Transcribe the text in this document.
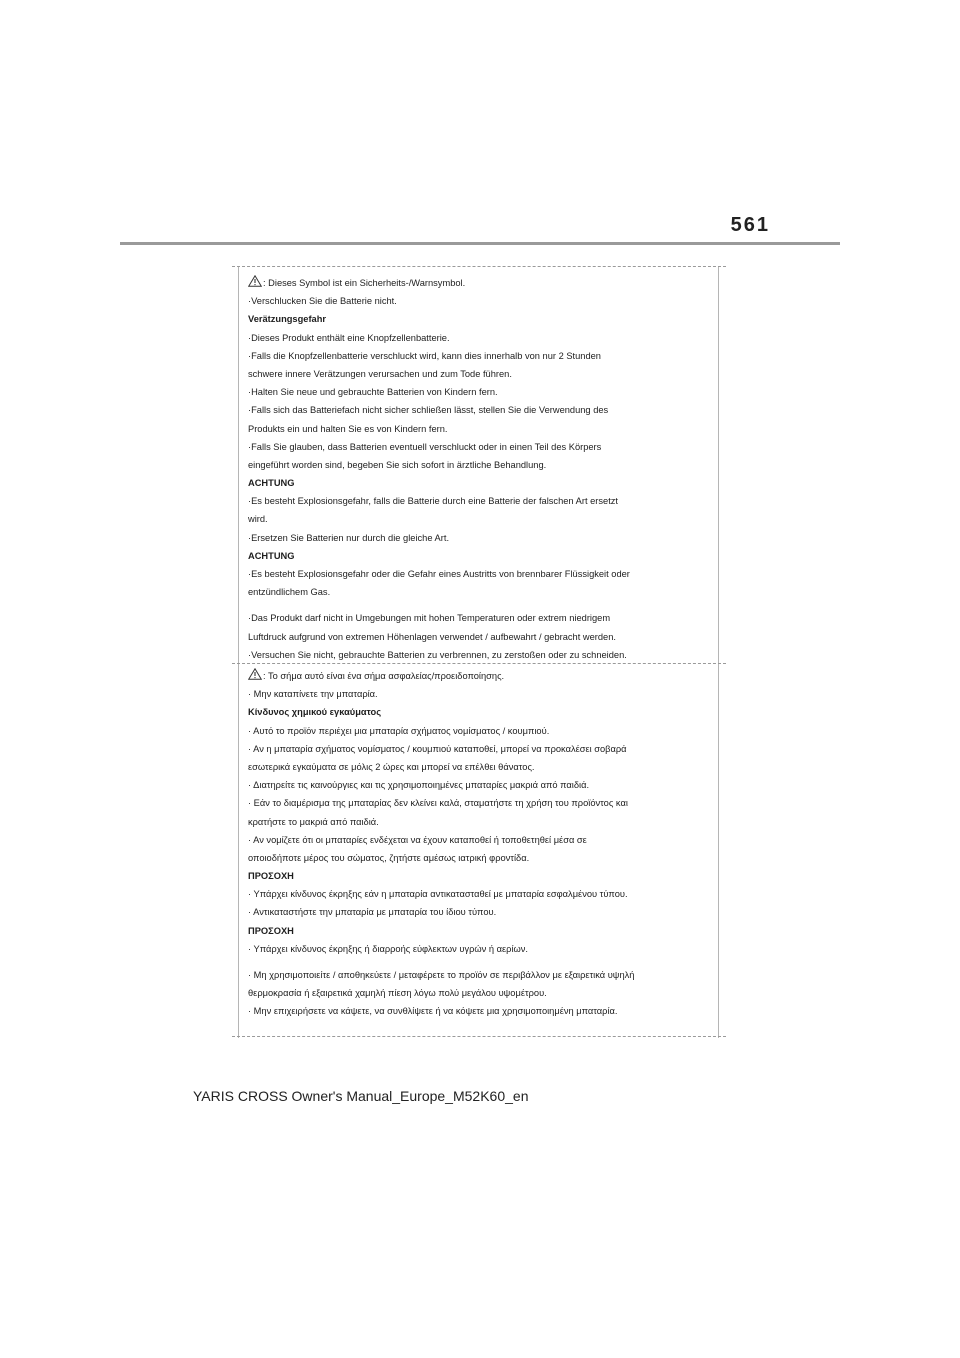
561
: Dieses Symbol ist ein Sicherheits-/Warnsymbol.
·Verschlucken Sie die Batterie nicht.
Verätzungsgefahr
·Dieses Produkt enthält eine Knopfzellenbatterie.
·Falls die Knopfzellenbatterie verschluckt wird, kann dies innerhalb von nur 2 Stunden
schwere innere Verätzungen verursachen und zum Tode führen.
·Halten Sie neue und gebrauchte Batterien von Kindern fern.
·Falls sich das Batteriefach nicht sicher schließen lässt, stellen Sie die Verwendung des
Produkts ein und halten Sie es von Kindern fern.
·Falls Sie glauben, dass Batterien eventuell verschluckt oder in einen Teil des Körpers
eingeführt worden sind, begeben Sie sich sofort in ärztliche Behandlung.
ACHTUNG
·Es besteht Explosionsgefahr, falls die Batterie durch eine Batterie der falschen Art ersetzt
wird.
·Ersetzen Sie Batterien nur durch die gleiche Art.
ACHTUNG
·Es besteht Explosionsgefahr oder die Gefahr eines Austritts von brennbarer Flüssigkeit oder
entzündlichem Gas.
·Das Produkt darf nicht in Umgebungen mit hohen Temperaturen oder extrem niedrigem
Luftdruck aufgrund von extremen Höhenlagen verwendet / aufbewahrt / gebracht werden.
·Versuchen Sie nicht, gebrauchte Batterien zu verbrennen, zu zerstoßen oder zu schneiden.
: Το σήμα αυτό είναι ένα σήμα ασφαλείας/προειδοποίησης.
· Μην καταπίνετε την μπαταρία.
Κίνδυνος χημικού εγκαύματος
· Αυτό το προϊόν περιέχει μια μπαταρία σχήματος νομίσματος / κουμπιού.
· Αν η μπαταρία σχήματος νομίσματος / κουμπιού καταποθεί, μπορεί να προκαλέσει σοβαρά
εσωτερικά εγκαύματα σε μόλις 2 ώρες και μπορεί να επέλθει θάνατος.
· Διατηρείτε τις καινούργιες και τις χρησιμοποιημένες μπαταρίες μακριά από παιδιά.
· Εάν το διαμέρισμα της μπαταρίας δεν κλείνει καλά, σταματήστε τη χρήση του προϊόντος και
κρατήστε το μακριά από παιδιά.
· Αν νομίζετε ότι οι μπαταρίες ενδέχεται να έχουν καταποθεί ή τοποθετηθεί μέσα σε
οποιοδήποτε μέρος του σώματος, ζητήστε αμέσως ιατρική φροντίδα.
ΠΡΟΣΟΧΗ
· Υπάρχει κίνδυνος έκρηξης εάν η μπαταρία αντικατασταθεί με μπαταρία εσφαλμένου τύπου.
· Αντικαταστήστε την μπαταρία με μπαταρία του ίδιου τύπου.
ΠΡΟΣΟΧΗ
· Υπάρχει κίνδυνος έκρηξης ή διαρροής εύφλεκτων υγρών ή αερίων.
· Μη χρησιμοποιείτε / αποθηκεύετε / μεταφέρετε το προϊόν σε περιβάλλον με εξαιρετικά υψηλή
θερμοκρασία ή εξαιρετικά χαμηλή πίεση λόγω πολύ μεγάλου υψομέτρου.
· Μην επιχειρήσετε να κάψετε, να συνθλίψετε ή να κόψετε μια χρησιμοποιημένη μπαταρία.
YARIS CROSS Owner's Manual_Europe_M52K60_en
